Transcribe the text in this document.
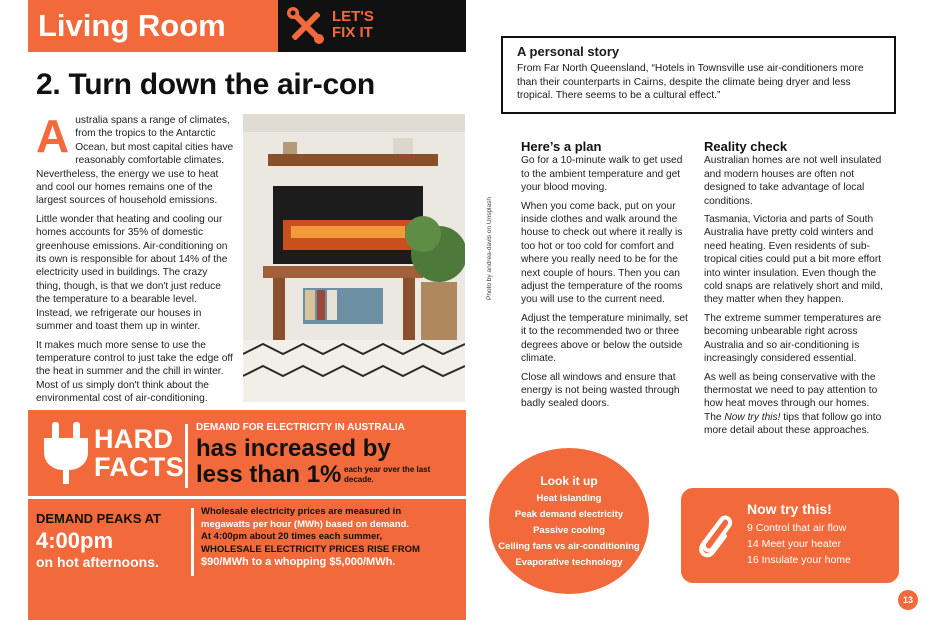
Living Room	LET'S
FIX IT
2. Turn down the air-con

Australia spans a range of climates, from the tropics to the Antarctic Ocean, but most capital cities have reasonably comfortable climates. Nevertheless, the energy we use to heat and cool our homes remains one of the largest sources of household emissions.

Little wonder that heating and cooling our homes accounts for 35% of domestic greenhouse emissions. Air-conditioning on its own is responsible for about 14% of the electricity used in buildings. The crazy thing, though, is that we don't just reduce the temperature to a bearable level. Instead, we refrigerate our houses in summer and toast them up in winter.

It makes much more sense to use the temperature control to just take the edge off the heat in summer and the chill in winter. Most of us simply don't think about the environmental cost of air-conditioning.

Photo by andrea-davis on Unsplash
HARD
FACTS
DEMAND FOR ELECTRICITY IN AUSTRALIA
has increased by
less than 1% each year over the last decade.
DEMAND PEAKS AT
4:00pm
on hot afternoons.
Wholesale electricity prices are measured in
megawatts per hour (MWh) based on demand.
At 4:00pm about 20 times each summer,
WHOLESALE ELECTRICITY PRICES RISE FROM
$90/MWh to a whopping $5,000/MWh.
A personal story

From Far North Queensland, “Hotels in Townsville use air-conditioners more than their counterparts in Cairns, despite the climate being dryer and less tropical. There seems to be a cultural effect.”

Here’s a plan

Go for a 10-minute walk to get used to the ambient temperature and get your blood moving.

When you come back, put on your inside clothes and walk around the house to check out where it really is too hot or too cold for comfort and where you really need to be for the next couple of hours. Then you can adjust the temperature of the rooms you will use to the current need.

Adjust the temperature minimally, set it to the recommended two or three degrees above or below the outside climate.

Close all windows and ensure that energy is not being wasted through badly sealed doors.

Reality check

Australian homes are not well insulated and modern houses are often not designed to take advantage of local conditions.

Tasmania, Victoria and parts of South Australia have pretty cold winters and need heating. Even residents of sub-tropical cities could put a bit more effort into winter insulation. Even though the cold snaps are relatively short and mild, they matter when they happen.

The extreme summer temperatures are becoming unbearable right across Australia and so air-conditioning is increasingly considered essential.

As well as being conservative with the thermostat we need to pay attention to how heat moves through our homes. The Now try this! tips that follow go into more detail about these approaches.

Look it up
Heat islanding
Peak demand electricity
Passive cooling
Ceiling fans vs air-conditioning
Evaporative technology
Now try this!
9 Control that air flow
14 Meet your heater
16 Insulate your home
13
